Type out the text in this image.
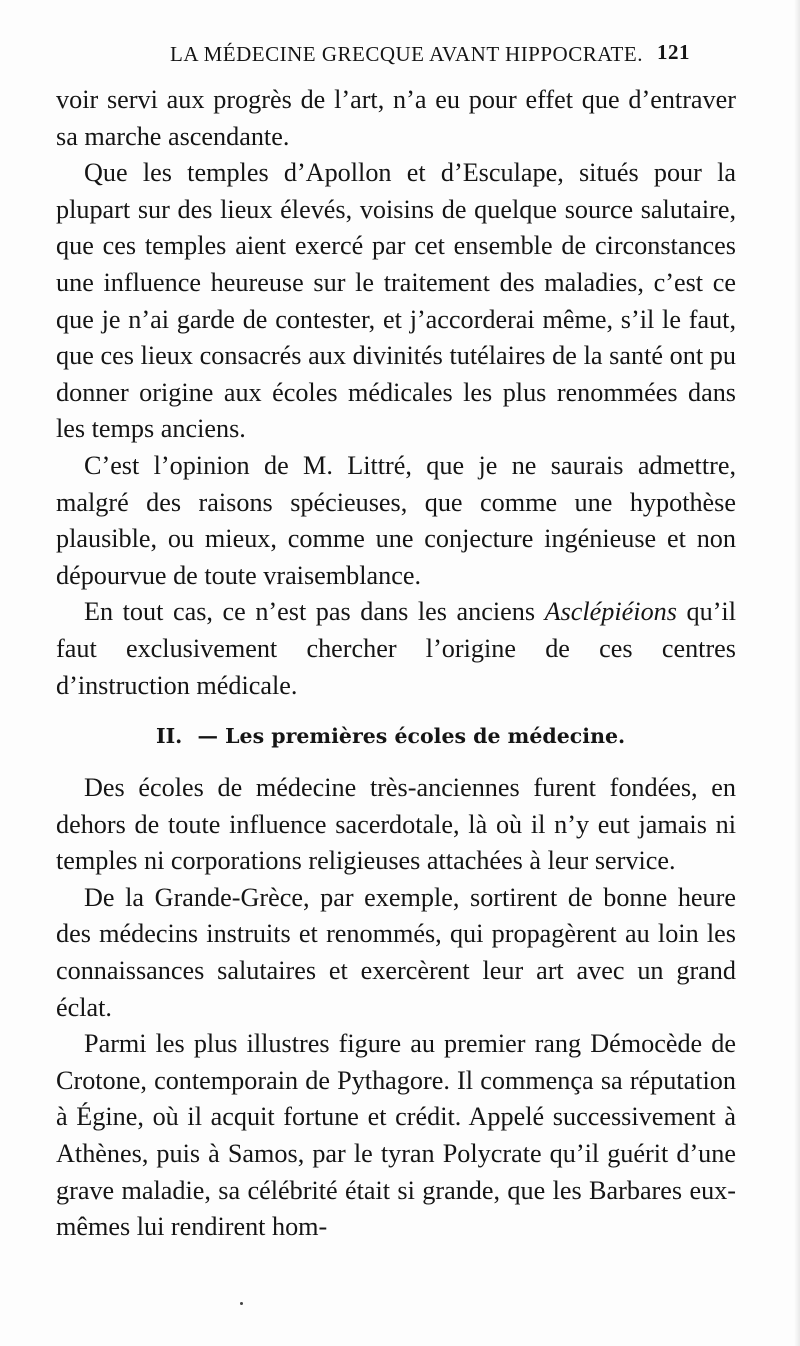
LA MÉDECINE GRECQUE AVANT HIPPOCRATE. 121

voir servi aux progrès de l’art, n’a eu pour effet que d’entraver sa marche ascendante.

Que les temples d’Apollon et d’Esculape, situés pour la plupart sur des lieux élevés, voisins de quelque source salutaire, que ces temples aient exercé par cet ensemble de circonstances une influence heureuse sur le traitement des maladies, c’est ce que je n’ai garde de contester, et j’accorderai même, s’il le faut, que ces lieux consacrés aux divinités tutélaires de la santé ont pu donner origine aux écoles médicales les plus renommées dans les temps anciens.

C’est l’opinion de M. Littré, que je ne saurais admettre, malgré des raisons spécieuses, que comme une hypothèse plausible, ou mieux, comme une conjecture ingénieuse et non dépourvue de toute vraisemblance.

En tout cas, ce n’est pas dans les anciens Asclépiéions qu’il faut exclusivement chercher l’origine de ces centres d’instruction médicale.

II. — Les premières écoles de médecine.

Des écoles de médecine très-anciennes furent fondées, en dehors de toute influence sacerdotale, là où il n’y eut jamais ni temples ni corporations religieuses attachées à leur service.

De la Grande-Grèce, par exemple, sortirent de bonne heure des médecins instruits et renommés, qui propagèrent au loin les connaissances salutaires et exercèrent leur art avec un grand éclat.

Parmi les plus illustres figure au premier rang Démocède de Crotone, contemporain de Pythagore. Il commença sa réputation à Égine, où il acquit fortune et crédit. Appelé successivement à Athènes, puis à Samos, par le tyran Polycrate qu’il guérit d’une grave maladie, sa célébrité était si grande, que les Barbares eux-mêmes lui rendirent hom-
